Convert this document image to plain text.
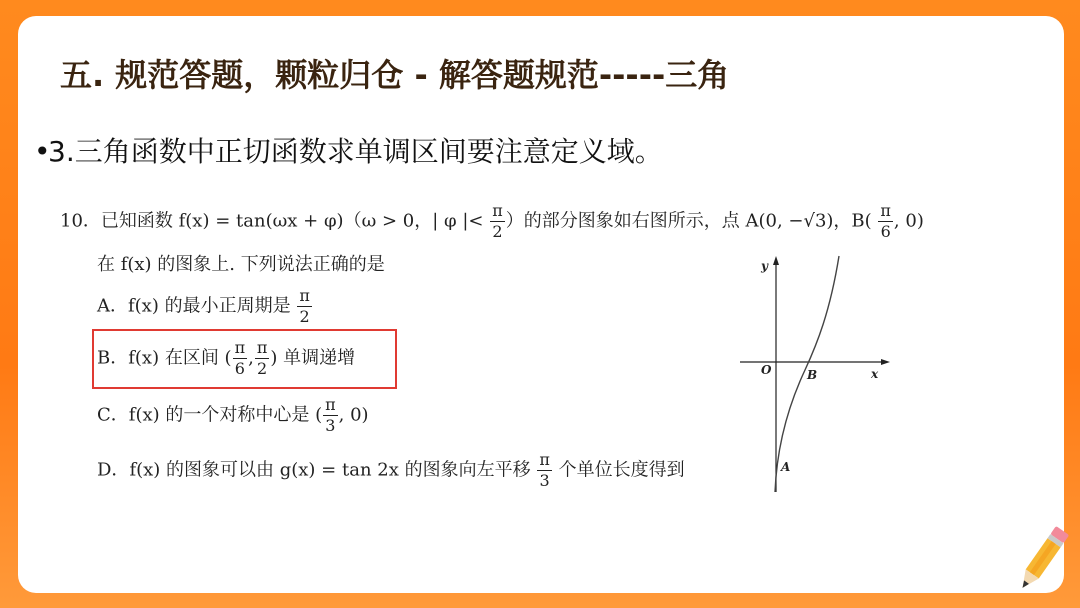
五. 规范答题，颗粒归仓 - 解答题规范-----三角
•3.三角函数中正切函数求单调区间要注意定义域。
10．已知函数 f(x) = tan(ωx + φ)（ω > 0，| φ |< $\frac{\pi}{2}$ ）的部分图象如右图所示，点 A(0, −√3)，$B( \frac{\pi}{6}$ , 0)
在 f(x) 的图象上. 下列说法正确的是
A．f(x) 的最小正周期是 $\frac{\pi}{2}$
B．f(x) 在区间 ( $\frac{\pi}{6}$ , $\frac{\pi}{2}$ ) 单调递增
C．f(x) 的一个对称中心是 ( $\frac{\pi}{3}$ , 0)
D．f(x) 的图象可以由 g(x) = tan 2x 的图象向左平移 $\frac{\pi}{3}$ 个单位长度得到
y
x
O	B
A
